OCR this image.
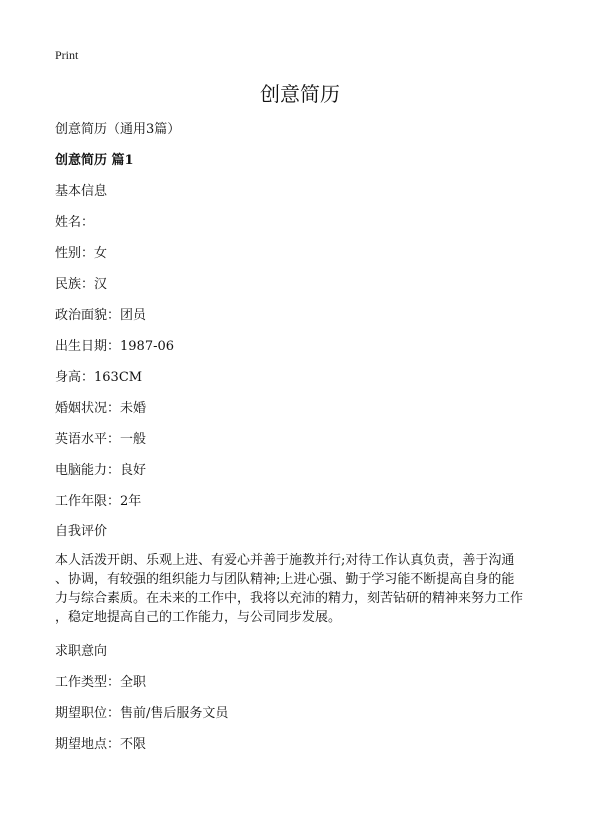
Print
创意简历
创意简历（通用3篇）
创意简历 篇1
基本信息
姓名：
性别：女
民族：汉
政治面貌：团员
出生日期：1987-06
身高：163CM
婚姻状况：未婚
英语水平：一般
电脑能力：良好
工作年限：2年
自我评价
本人活泼开朗、乐观上进、有爱心并善于施教并行;对待工作认真负责，善于沟通
、协调，有较强的组织能力与团队精神;上进心强、勤于学习能不断提高自身的能
力与综合素质。在未来的工作中，我将以充沛的精力，刻苦钻研的精神来努力工作
，稳定地提高自己的工作能力，与公司同步发展。
求职意向
工作类型：全职
期望职位：售前/售后服务文员
期望地点：不限
